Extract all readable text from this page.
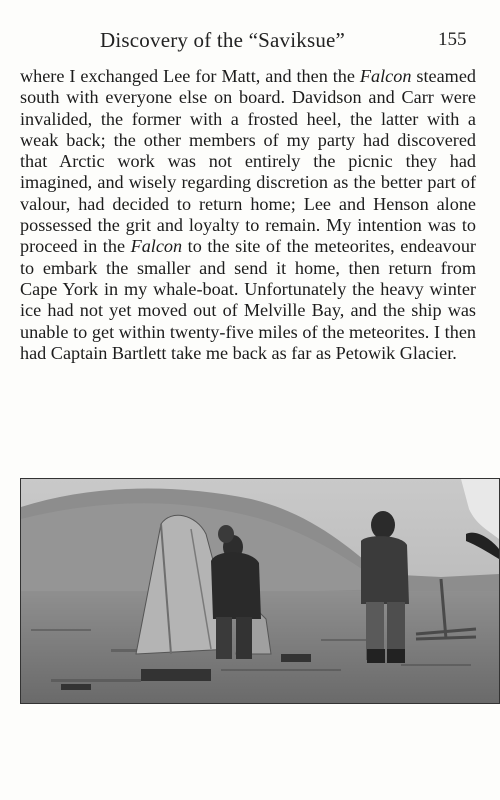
Discovery of the “Saviksue”	155

where I exchanged Lee for Matt, and then the Falcon steamed south with everyone else on board. Davidson and Carr were invalided, the former with a frosted heel, the latter with a weak back; the other members of my party had discovered that Arctic work was not entirely the picnic they had imagined, and wisely regarding discretion as the better part of valour, had decided to return home; Lee and Henson alone possessed the grit and loyalty to remain. My intention was to proceed in the Falcon to the site of the meteorites, endeavour to embark the smaller and send it home, then return from Cape York in my whale-boat. Unfortunately the heavy winter ice had not yet moved out of Melville Bay, and the ship was unable to get within twenty-five miles of the meteorites. I then had Captain Bartlett take me back as far as Petowik Glacier.
